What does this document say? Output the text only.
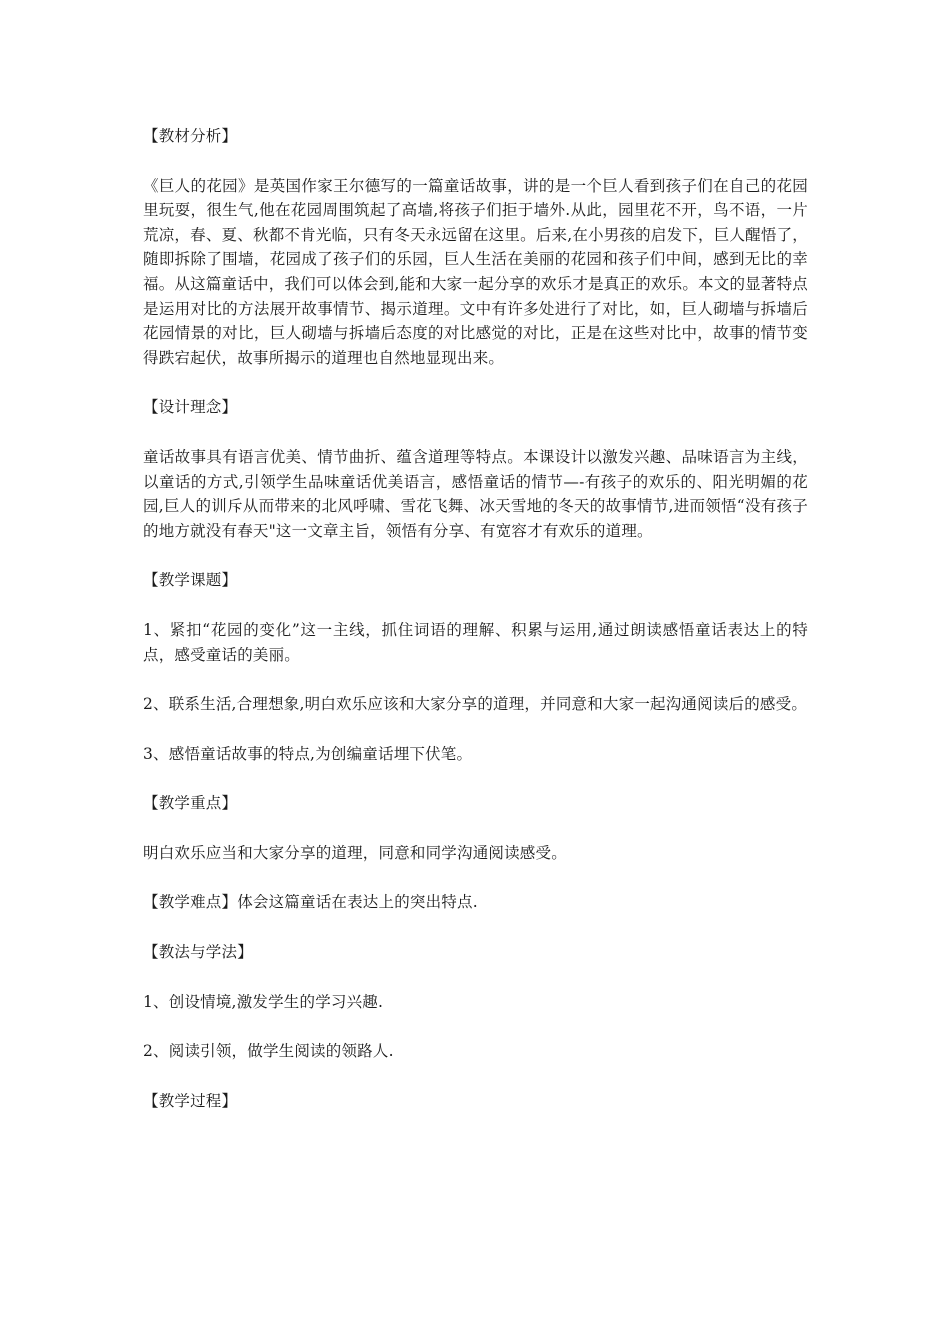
【教材分析】

《巨人的花园》是英国作家王尔德写的一篇童话故事，讲的是一个巨人看到孩子们在自己的花园里玩耍，很生气,他在花园周围筑起了高墙,将孩子们拒于墙外.从此，园里花不开，鸟不语，一片荒凉，春、夏、秋都不肯光临，只有冬天永远留在这里。后来,在小男孩的启发下，巨人醒悟了，随即拆除了围墙，花园成了孩子们的乐园，巨人生活在美丽的花园和孩子们中间，感到无比的幸福。从这篇童话中，我们可以体会到,能和大家一起分享的欢乐才是真正的欢乐。本文的显著特点是运用对比的方法展开故事情节、揭示道理。文中有许多处进行了对比，如，巨人砌墙与拆墙后花园情景的对比，巨人砌墙与拆墙后态度的对比感觉的对比，正是在这些对比中，故事的情节变得跌宕起伏，故事所揭示的道理也自然地显现出来。

【设计理念】

童话故事具有语言优美、情节曲折、蕴含道理等特点。本课设计以激发兴趣、品味语言为主线，以童话的方式,引领学生品味童话优美语言，感悟童话的情节—-有孩子的欢乐的、阳光明媚的花园,巨人的训斥从而带来的北风呼啸、雪花飞舞、冰天雪地的冬天的故事情节,进而领悟“没有孩子的地方就没有春天"这一文章主旨，领悟有分享、有宽容才有欢乐的道理。

【教学课题】

1、紧扣“花园的变化”这一主线，抓住词语的理解、积累与运用,通过朗读感悟童话表达上的特点，感受童话的美丽。

2、联系生活,合理想象,明白欢乐应该和大家分享的道理，并同意和大家一起沟通阅读后的感受。

3、感悟童话故事的特点,为创编童话埋下伏笔。

【教学重点】

明白欢乐应当和大家分享的道理，同意和同学沟通阅读感受。

【教学难点】体会这篇童话在表达上的突出特点.

【教法与学法】

1、创设情境,激发学生的学习兴趣.

2、阅读引领，做学生阅读的领路人.

【教学过程】
